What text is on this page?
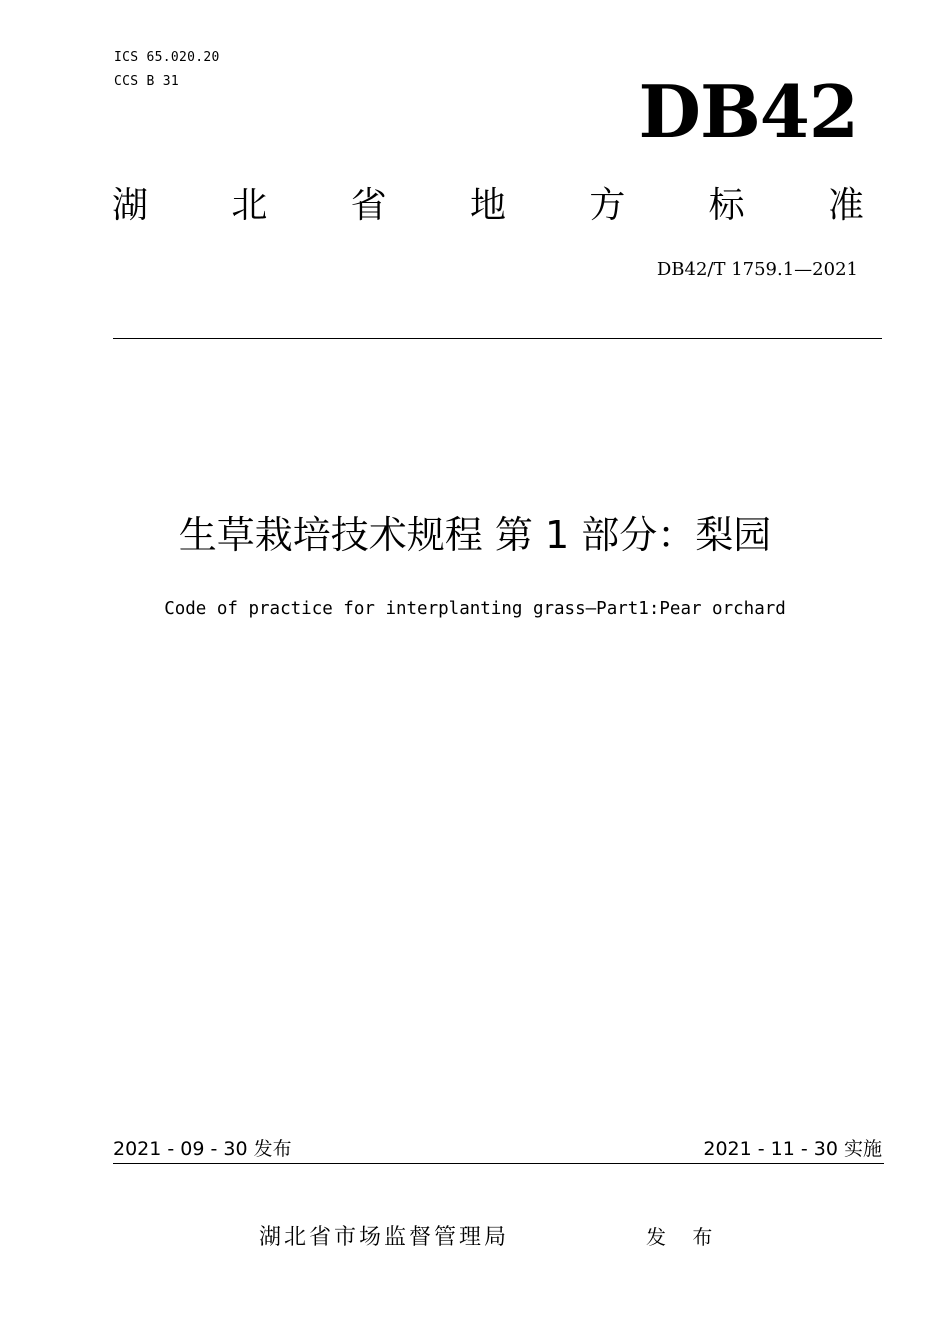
ICS 65.020.20
CCS B 31	DB42
湖 北 省 地 方 标 准
DB42/T 1759.1—2021
生草栽培技术规程 第 1 部分：梨园
Code of practice for interplanting grass—Part1:Pear orchard
2021 - 09 - 30 发布	2021 - 11 - 30 实施
湖北省市场监督管理局	发 布
